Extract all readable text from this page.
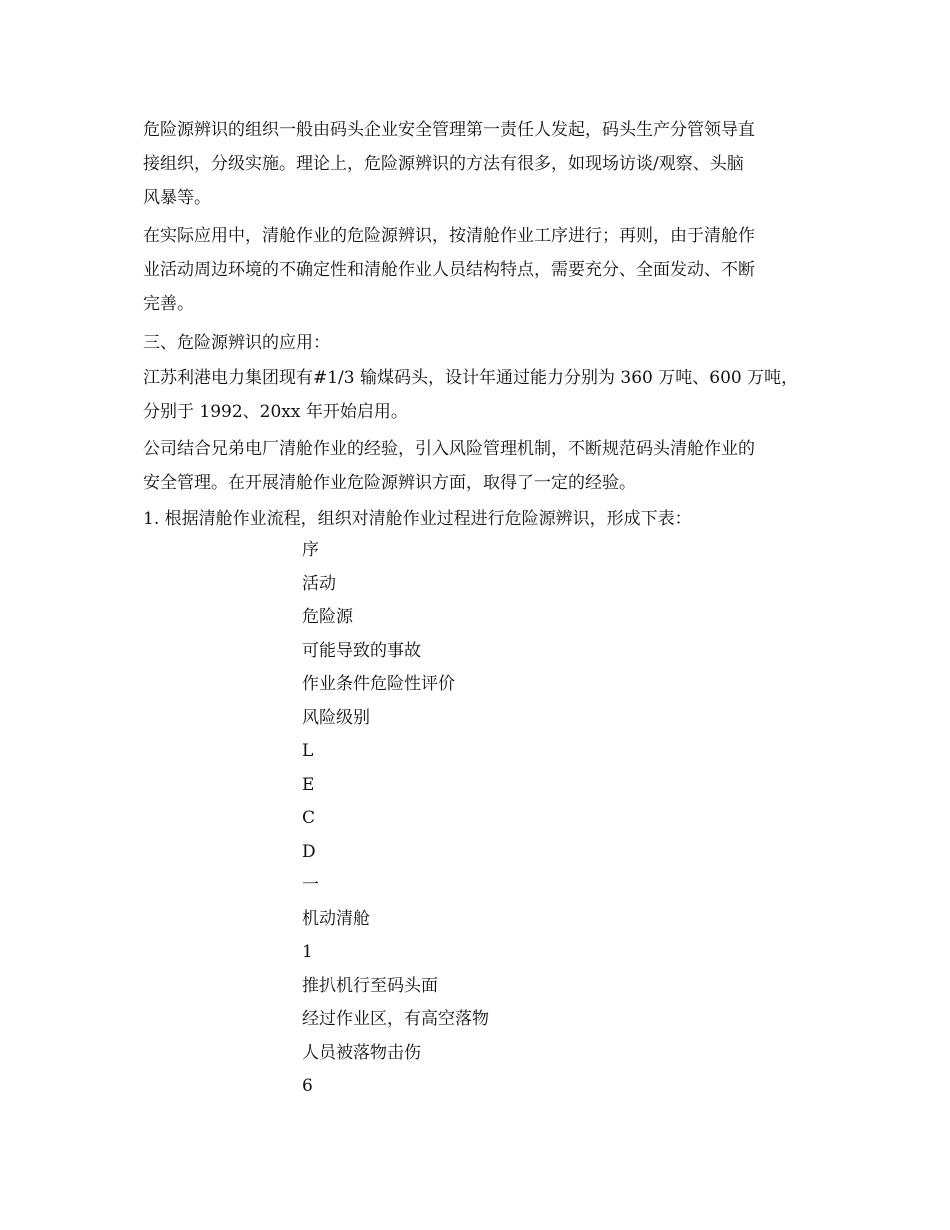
危险源辨识的组织一般由码头企业安全管理第一责任人发起，码头生产分管领导直
接组织，分级实施。理论上，危险源辨识的方法有很多，如现场访谈/观察、头脑
风暴等。

在实际应用中，清舱作业的危险源辨识，按清舱作业工序进行；再则，由于清舱作
业活动周边环境的不确定性和清舱作业人员结构特点，需要充分、全面发动、不断
完善。

三、危险源辨识的应用：

江苏利港电力集团现有#1/3 输煤码头，设计年通过能力分别为 360 万吨、600 万吨，
分别于 1992、20xx 年开始启用。

公司结合兄弟电厂清舱作业的经验，引入风险管理机制，不断规范码头清舱作业的
安全管理。在开展清舱作业危险源辨识方面，取得了一定的经验。

1. 根据清舱作业流程，组织对清舱作业过程进行危险源辨识，形成下表：

序

活动

危险源

可能导致的事故

作业条件危险性评价

风险级别

L

E

C

D

一

机动清舱

1

推扒机行至码头面

经过作业区，有高空落物

人员被落物击伤

6
